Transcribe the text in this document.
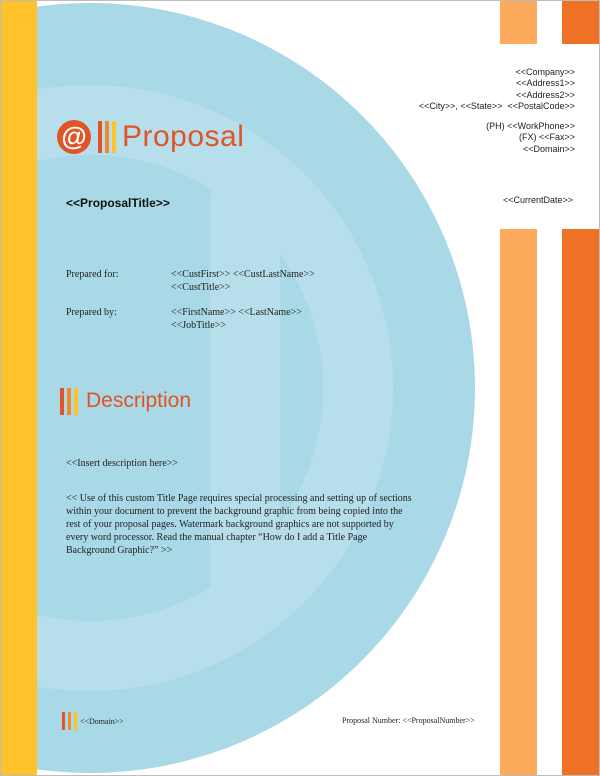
<<Company>>
<<Address1>>
<<Address2>>
<<City>>, <<State>>  <<PostalCode>>
(PH) <<WorkPhone>>
(FX) <<Fax>>
<<Domain>>
<<CurrentDate>>
@ Proposal
<<ProposalTitle>>
Prepared for:	<<CustFirst>> <<CustLastName>>
<<CustTitle>>
Prepared by:	<<FirstName>> <<LastName>>
<<JobTitle>>
Description
<<Insert description here>>
<< Use of this custom Title Page requires special processing and setting up of sections within your document to prevent the background graphic from being copied into the rest of your proposal pages. Watermark background graphics are not supported by every word processor. Read the manual chapter “How do I add a Title Page Background Graphic?” >>
<<Domain>>	Proposal Number: <<ProposalNumber>>
